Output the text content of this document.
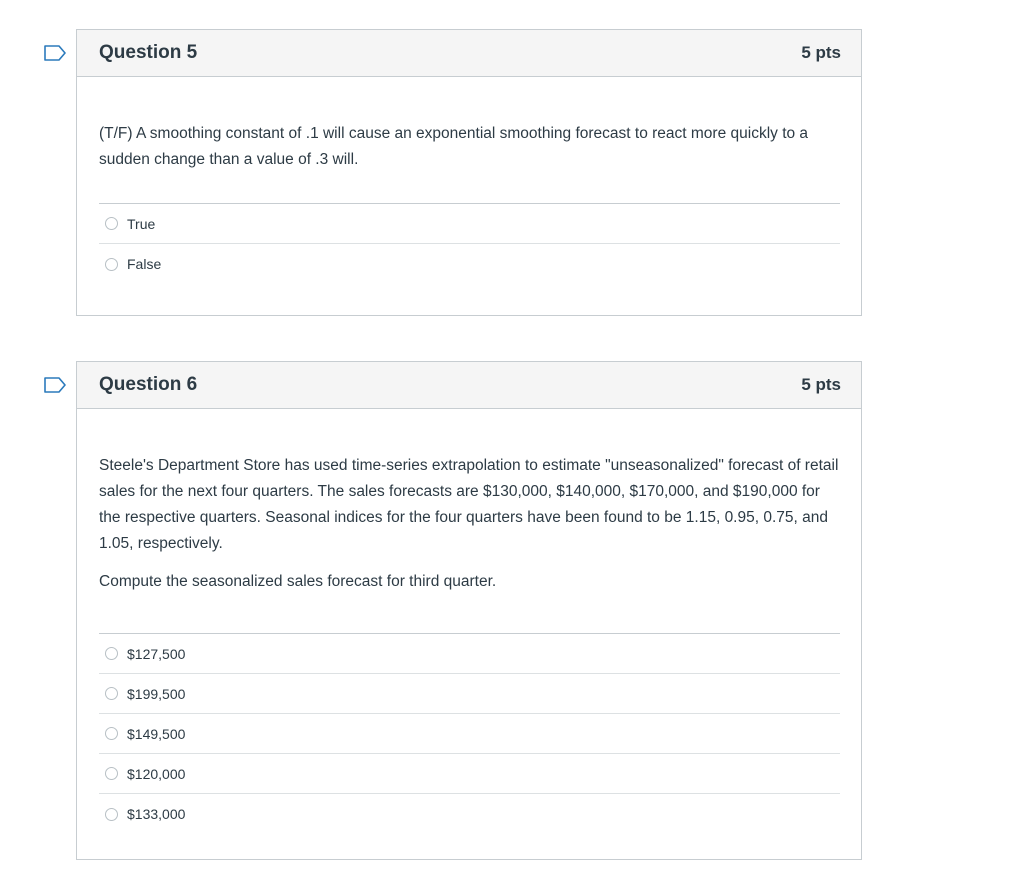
Question 5	5 pts

(T/F) A smoothing constant of .1 will cause an exponential smoothing forecast to react more quickly to a sudden change than a value of .3 will.

True
False
Question 6	5 pts

Steele's Department Store has used time-series extrapolation to estimate "unseasonalized" forecast of retail sales for the next four quarters. The sales forecasts are $130,000, $140,000, $170,000, and $190,000 for the respective quarters. Seasonal indices for the four quarters have been found to be 1.15, 0.95, 0.75, and 1.05, respectively.

Compute the seasonalized sales forecast for third quarter.

$127,500
$199,500
$149,500
$120,000
$133,000
